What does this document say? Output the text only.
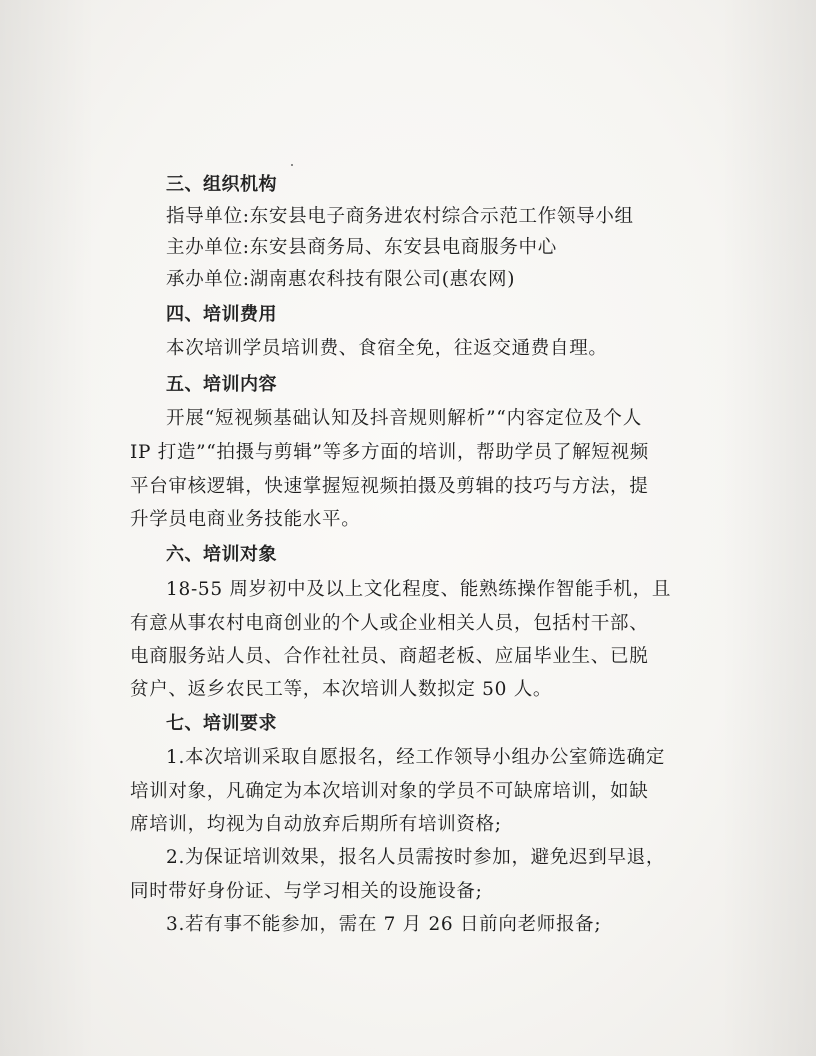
三、组织机构
指导单位:东安县电子商务进农村综合示范工作领导小组
主办单位:东安县商务局、东安县电商服务中心
承办单位:湖南惠农科技有限公司(惠农网)
四、培训费用
本次培训学员培训费、食宿全免，往返交通费自理。
五、培训内容
开展“短视频基础认知及抖音规则解析”“内容定位及个人
IP 打造”“拍摄与剪辑”等多方面的培训，帮助学员了解短视频
平台审核逻辑，快速掌握短视频拍摄及剪辑的技巧与方法，提
升学员电商业务技能水平。
六、培训对象
18-55 周岁初中及以上文化程度、能熟练操作智能手机，且
有意从事农村电商创业的个人或企业相关人员，包括村干部、
电商服务站人员、合作社社员、商超老板、应届毕业生、已脱
贫户、返乡农民工等，本次培训人数拟定 50 人。
七、培训要求
1.本次培训采取自愿报名，经工作领导小组办公室筛选确定
培训对象，凡确定为本次培训对象的学员不可缺席培训，如缺
席培训，均视为自动放弃后期所有培训资格;
2.为保证培训效果，报名人员需按时参加，避免迟到早退，
同时带好身份证、与学习相关的设施设备;
3.若有事不能参加，需在 7 月 26 日前向老师报备;
